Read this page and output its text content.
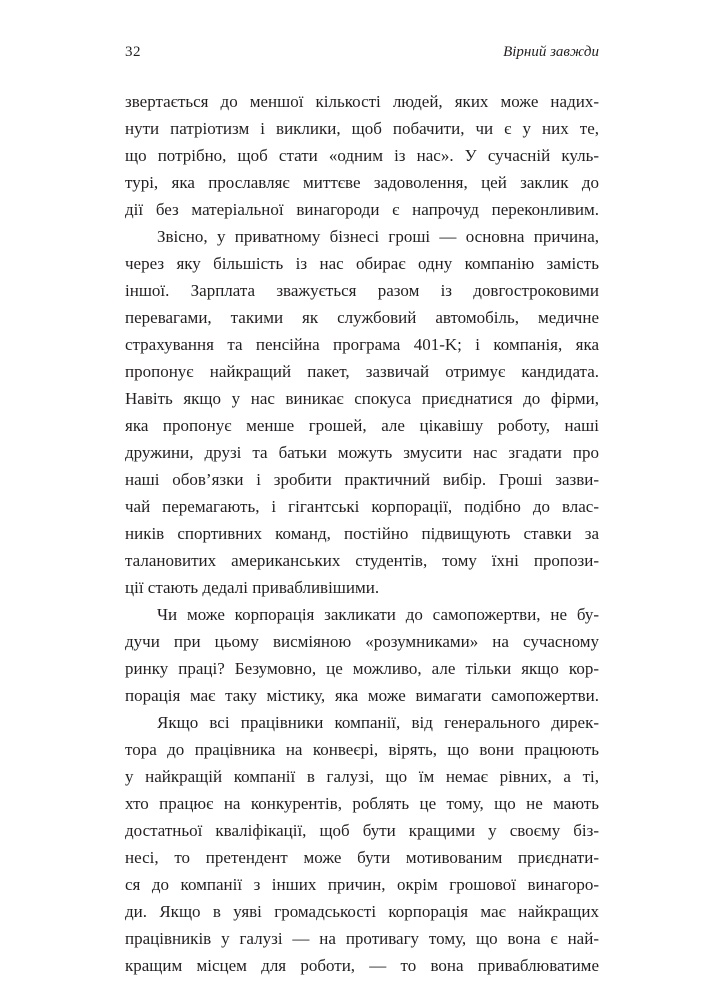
32	Вірний завжди
звертається до меншої кількості людей, яких може надих-
нути патріотизм і виклики, щоб побачити, чи є у них те,
що потрібно, щоб стати «одним із нас». У сучасній куль-
турі, яка прославляє миттєве задоволення, цей заклик до
дії без матеріальної винагороди є напрочуд переконливим.
Звісно, у приватному бізнесі гроші — основна причина,
через яку більшість із нас обирає одну компанію замість
іншої. Зарплата зважується разом із довгостроковими
перевагами, такими як службовий автомобіль, медичне
страхування та пенсійна програма 401-K; і компанія, яка
пропонує найкращий пакет, зазвичай отримує кандидата.
Навіть якщо у нас виникає спокуса приєднатися до фірми,
яка пропонує менше грошей, але цікавішу роботу, наші
дружини, друзі та батьки можуть змусити нас згадати про
наші обов’язки і зробити практичний вибір. Гроші зазви-
чай перемагають, і гігантські корпорації, подібно до влас-
ників спортивних команд, постійно підвищують ставки за
талановитих американських студентів, тому їхні пропози-
ції стають дедалі привабливішими.
Чи може корпорація закликати до самопожертви, не бу-
дучи при цьому висміяною «розумниками» на сучасному
ринку праці? Безумовно, це можливо, але тільки якщо кор-
порація має таку містику, яка може вимагати самопожертви.
Якщо всі працівники компанії, від генерального дирек-
тора до працівника на конвеєрі, вірять, що вони працюють
у найкращій компанії в галузі, що їм немає рівних, а ті,
хто працює на конкурентів, роблять це тому, що не мають
достатньої кваліфікації, щоб бути кращими у своєму біз-
несі, то претендент може бути мотивованим приєднати-
ся до компанії з інших причин, окрім грошової винагоро-
ди. Якщо в уяві громадськості корпорація має найкращих
працівників у галузі — на противагу тому, що вона є най-
кращим місцем для роботи, — то вона приваблюватиме
